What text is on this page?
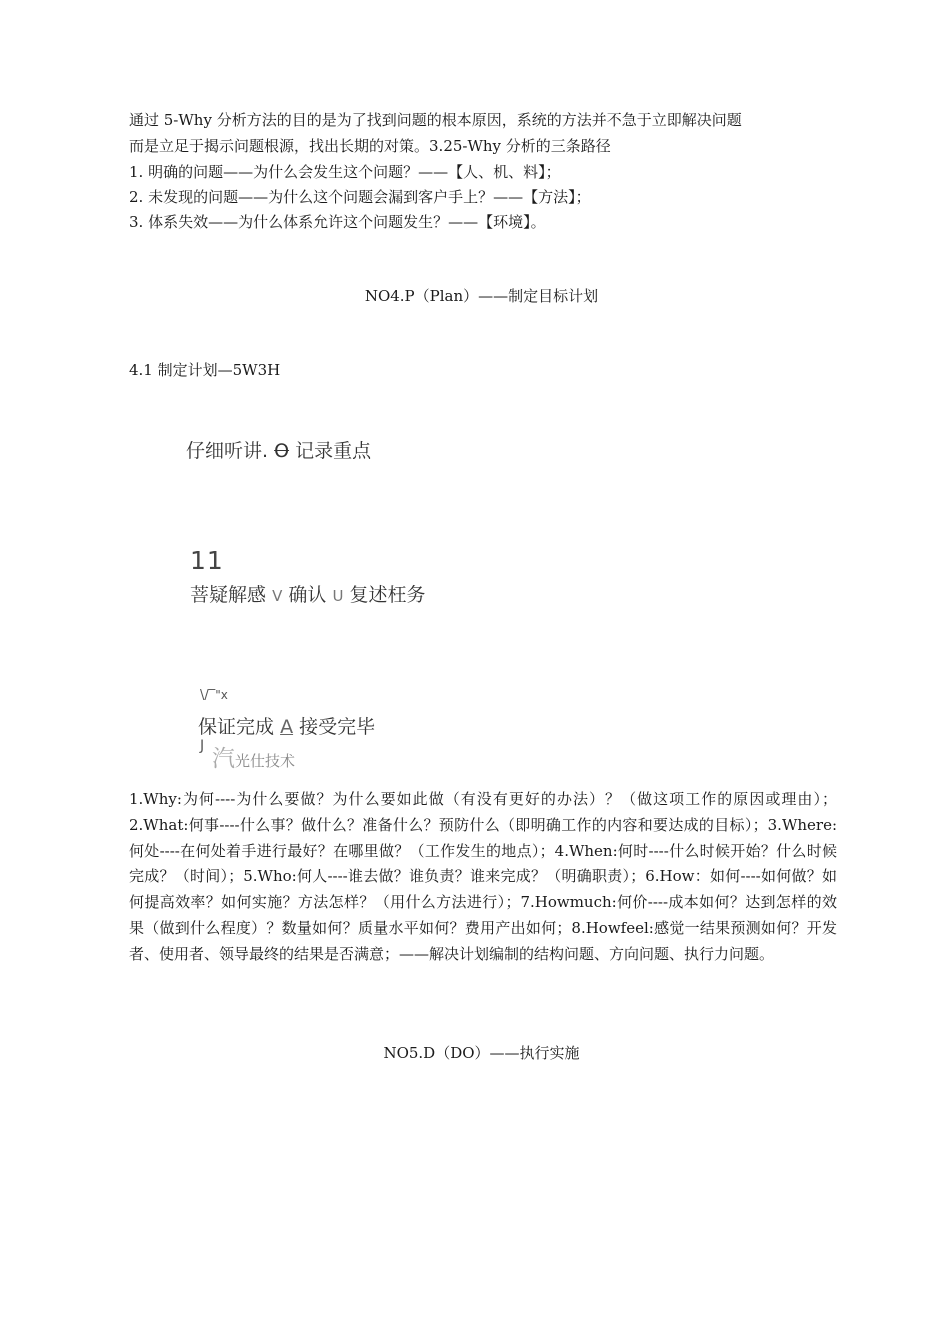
通过 5-Why 分析方法的目的是为了找到问题的根本原因，系统的方法并不急于立即解决问题
而是立足于揭示问题根源，找出长期的对策。3.25-Why 分析的三条路径
1. 明确的问题——为什么会发生这个问题？——【人、机、料】；
2. 未发现的问题——为什么这个问题会漏到客户手上？——【方法】；
3. 体系失效——为什么体系允许这个问题发生？——【环境】。
NO4.P（Plan）——制定目标计划
4.1 制定计划—5W3H
仔细听讲. O 记录重点
11
菩疑解感 V 确认 U 复述枉务
\/‾"x
保证完成 A 接受完毕
J 汽光仕技术
1.Why:为何----为什么要做？为什么要如此做（有没有更好的办法）？（做这项工作的原因或理由）；2.What:何事----什么事？做什么？准备什么？预防什么（即明确工作的内容和要达成的目标）；3.Where:何处----在何处着手进行最好？在哪里做？（工作发生的地点）；4.When:何时----什么时候开始？什么时候完成？（时间）；5.Who:何人----谁去做？谁负责？谁来完成？（明确职责）；6.How：如何----如何做？如何提高效率？如何实施？方法怎样？（用什么方法进行）；7.Howmuch:何价----成本如何？达到怎样的效果（做到什么程度）？数量如何？质量水平如何？费用产出如何；8.Howfeel:感觉一结果预测如何？开发者、使用者、领导最终的结果是否满意；——解决计划编制的结构问题、方向问题、执行力问题。
NO5.D（DO）——执行实施
